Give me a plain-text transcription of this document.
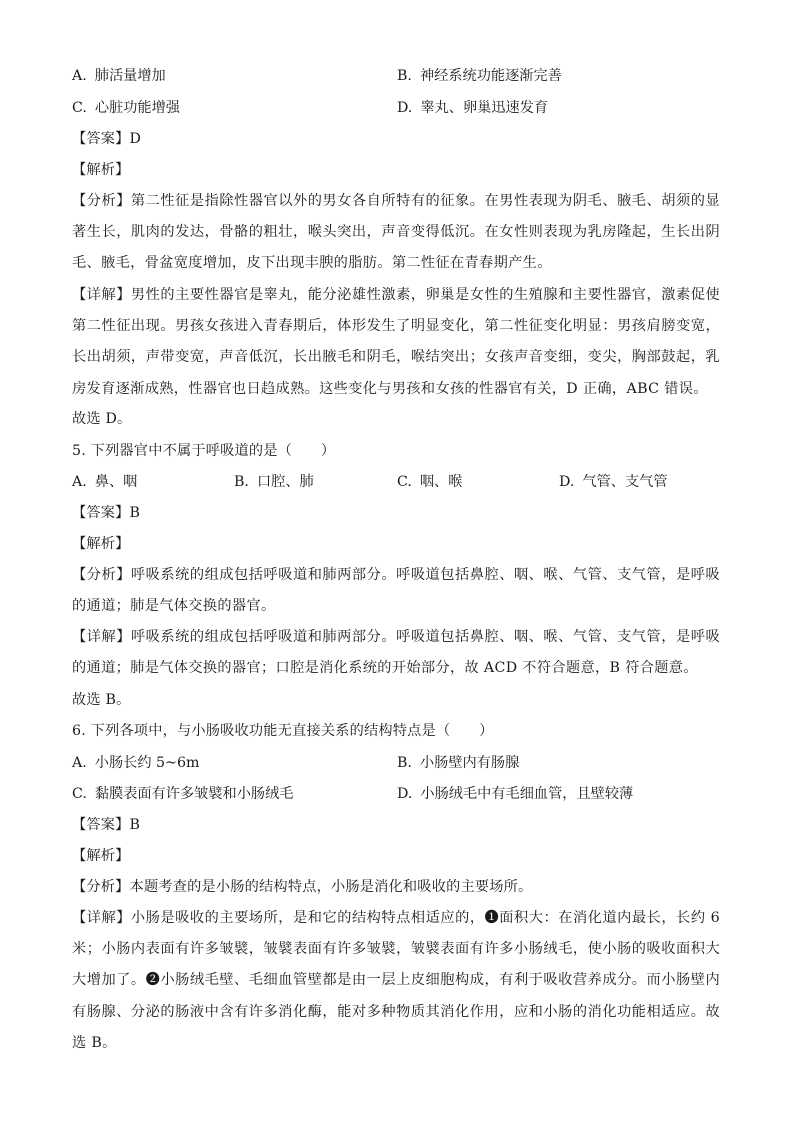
A. 肺活量增加	B. 神经系统功能逐渐完善
C. 心脏功能增强	D. 睾丸、卵巢迅速发育
【答案】D
【解析】
【分析】第二性征是指除性器官以外的男女各自所特有的征象。在男性表现为阴毛、腋毛、胡须的显著生长，肌肉的发达，骨骼的粗壮，喉头突出，声音变得低沉。在女性则表现为乳房隆起，生长出阴毛、腋毛，骨盆宽度增加，皮下出现丰腴的脂肪。第二性征在青春期产生。
【详解】男性的主要性器官是睾丸，能分泌雄性激素，卵巢是女性的生殖腺和主要性器官，激素促使第二性征出现。男孩女孩进入青春期后，体形发生了明显变化，第二性征变化明显：男孩肩膀变宽，长出胡须，声带变宽，声音低沉，长出腋毛和阴毛，喉结突出；女孩声音变细，变尖，胸部鼓起，乳房发育逐渐成熟，性器官也日趋成熟。这些变化与男孩和女孩的性器官有关，D 正确，ABC 错误。
故选 D。
5. 下列器官中不属于呼吸道的是（　　）
A. 鼻、咽	B. 口腔、肺	C. 咽、喉	D. 气管、支气管
【答案】B
【解析】
【分析】呼吸系统的组成包括呼吸道和肺两部分。呼吸道包括鼻腔、咽、喉、气管、支气管，是呼吸的通道；肺是气体交换的器官。
【详解】呼吸系统的组成包括呼吸道和肺两部分。呼吸道包括鼻腔、咽、喉、气管、支气管，是呼吸的通道；肺是气体交换的器官；口腔是消化系统的开始部分，故 ACD 不符合题意，B 符合题意。
故选 B。
6. 下列各项中，与小肠吸收功能无直接关系的结构特点是（　　）
A. 小肠长约 5~6m	B. 小肠壁内有肠腺
C. 黏膜表面有许多皱襞和小肠绒毛	D. 小肠绒毛中有毛细血管，且壁较薄
【答案】B
【解析】
【分析】本题考查的是小肠的结构特点，小肠是消化和吸收的主要场所。
【详解】小肠是吸收的主要场所，是和它的结构特点相适应的，❶面积大：在消化道内最长，长约 6 米；小肠内表面有许多皱襞，皱襞表面有许多皱襞，皱襞表面有许多小肠绒毛，使小肠的吸收面积大大增加了。❷小肠绒毛壁、毛细血管壁都是由一层上皮细胞构成，有利于吸收营养成分。而小肠壁内有肠腺、分泌的肠液中含有许多消化酶，能对多种物质其消化作用，应和小肠的消化功能相适应。故选 B。
